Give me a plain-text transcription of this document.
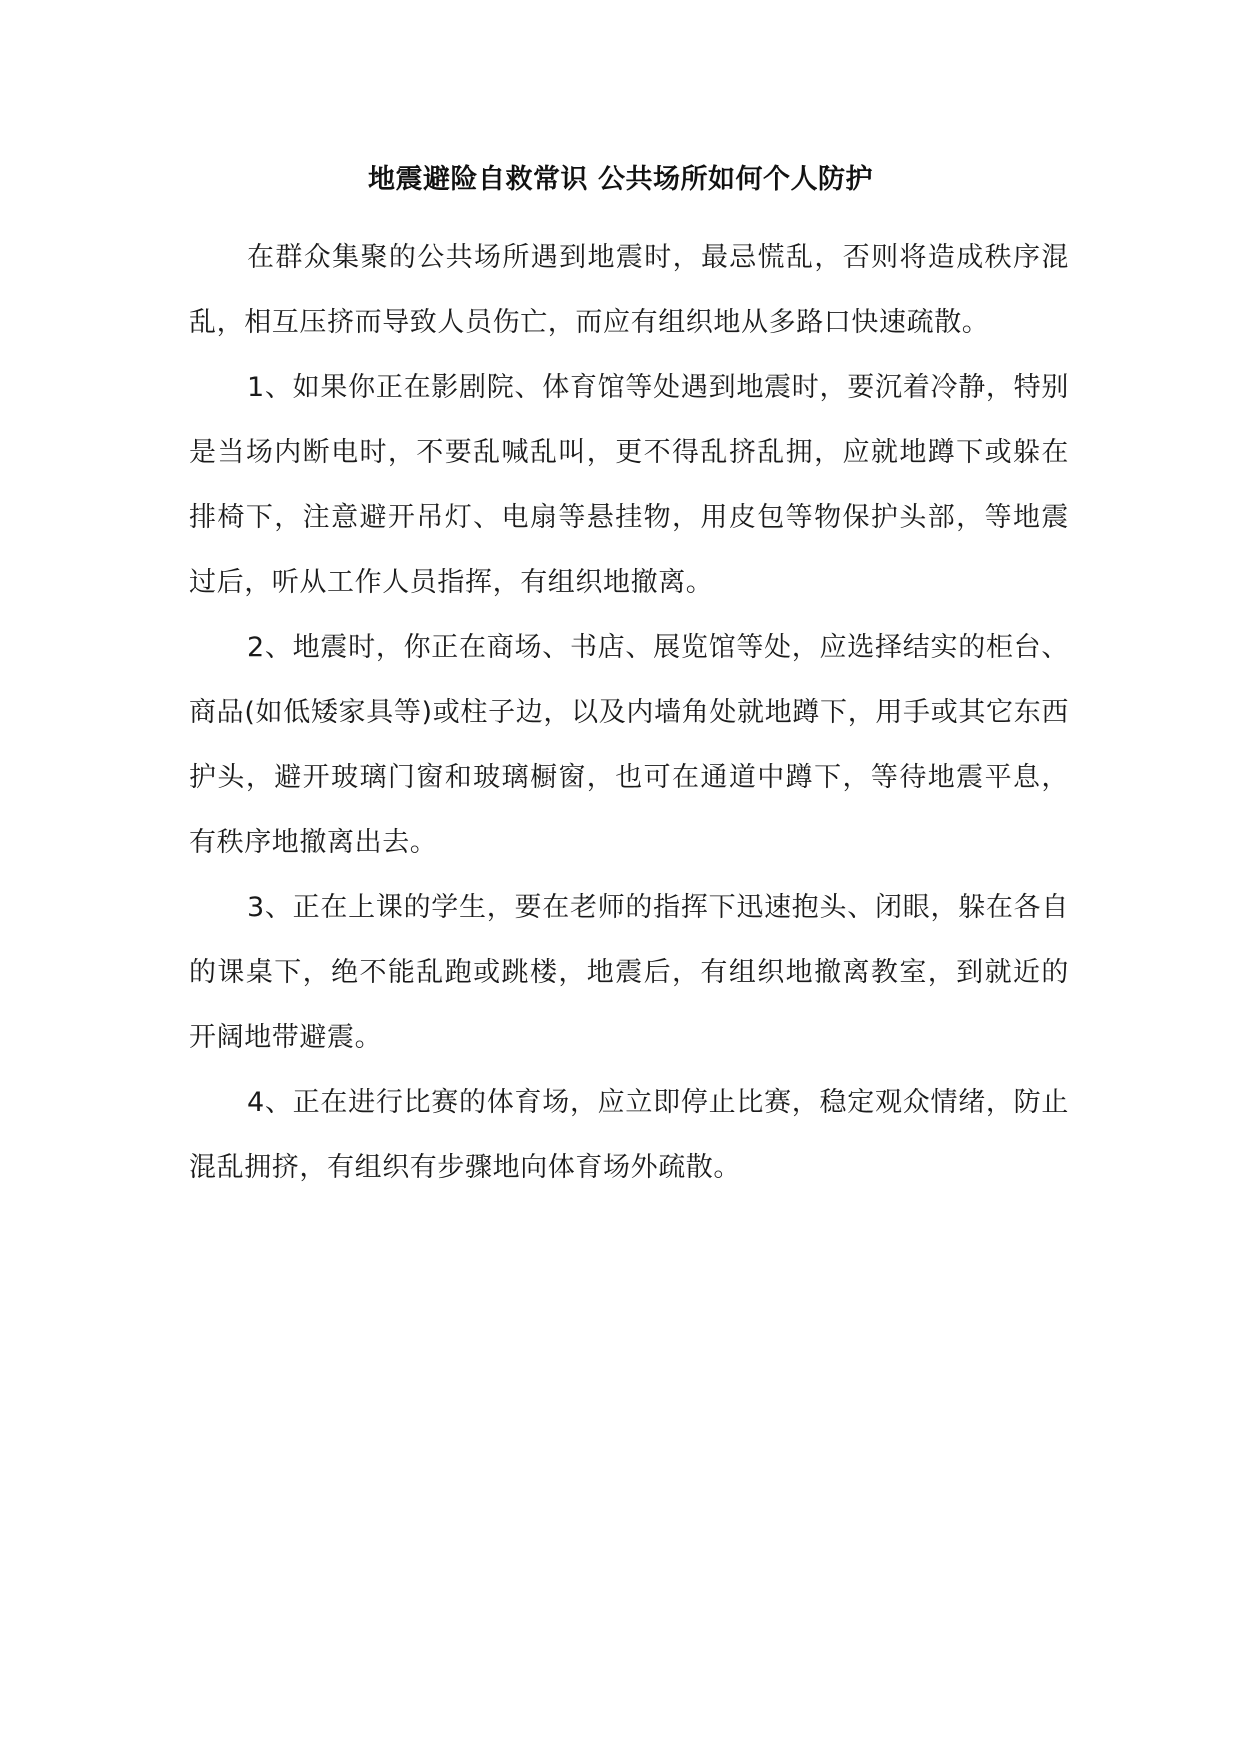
地震避险自救常识 公共场所如何个人防护

在群众集聚的公共场所遇到地震时，最忌慌乱，否则将造成秩序混乱，相互压挤而导致人员伤亡，而应有组织地从多路口快速疏散。

1、如果你正在影剧院、体育馆等处遇到地震时，要沉着冷静，特别是当场内断电时，不要乱喊乱叫，更不得乱挤乱拥，应就地蹲下或躲在排椅下，注意避开吊灯、电扇等悬挂物，用皮包等物保护头部，等地震过后，听从工作人员指挥，有组织地撤离。

2、地震时，你正在商场、书店、展览馆等处，应选择结实的柜台、商品(如低矮家具等)或柱子边，以及内墙角处就地蹲下，用手或其它东西护头，避开玻璃门窗和玻璃橱窗，也可在通道中蹲下，等待地震平息，有秩序地撤离出去。

3、正在上课的学生，要在老师的指挥下迅速抱头、闭眼，躲在各自的课桌下，绝不能乱跑或跳楼，地震后，有组织地撤离教室，到就近的开阔地带避震。

4、正在进行比赛的体育场，应立即停止比赛，稳定观众情绪，防止混乱拥挤，有组织有步骤地向体育场外疏散。
